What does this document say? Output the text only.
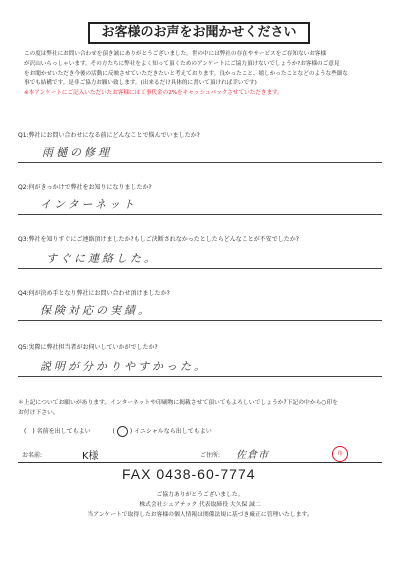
お客様のお声をお聞かせください

この度は弊社にお問い合わせを頂き誠にありがとうございました。世の中には弊社の存在やサービスをご存知ないお客様

が沢山いらっしゃいます。その方たちに弊社をよく知って頂くためのアンケートにご協力頂けないでしょうか?お客様のご意見

をお聞かせいただき今後の活動に反映させていただきたいと考えております。良かったこと、嬉しかったことなどのような些細な

事でも結構です。是非ご協力お願い致します。(出来るだけ具体的に書いて頂ければ幸いです)

※本アンケートにご記入いただいたお客様には工事代金の2%をキャッシュバックさせていただきます。

Q1:弊社にお問い合わせになる前にどんなことで悩んでいましたか?
雨樋の修理
Q2:何がきっかけで弊社をお知りになりましたか?
インターネット
Q3:弊社を知りすぐにご連絡頂けましたか?もしご決断されなかったとしたらどんなことが不安でしたか?
すぐに連絡した。
Q4:何が決め手となり弊社にお問い合わせ頂けましたか?
保険対応の実績。
Q5:実際に弊社担当者がお伺いしていかがでしたか?
説明が分かりやすかった。

＊上記についてお願いがあります。インターネットや印刷物に掲載させて頂いてもよろしいでしょうか?下記の中から○印を

お付け下さい。

(　) 名前を出してもよい	(	) イニシャルなら出してもよい
お名前:	K様	ご住所: 佐倉市	印
FAX 0438-60-7774

ご協力ありがとうございました。

株式会社シェアテック 代表取締役 大久保 誠二

当アンケートで取得したお客様の個人情報は関係法規に基づき厳正に管理いたします。
